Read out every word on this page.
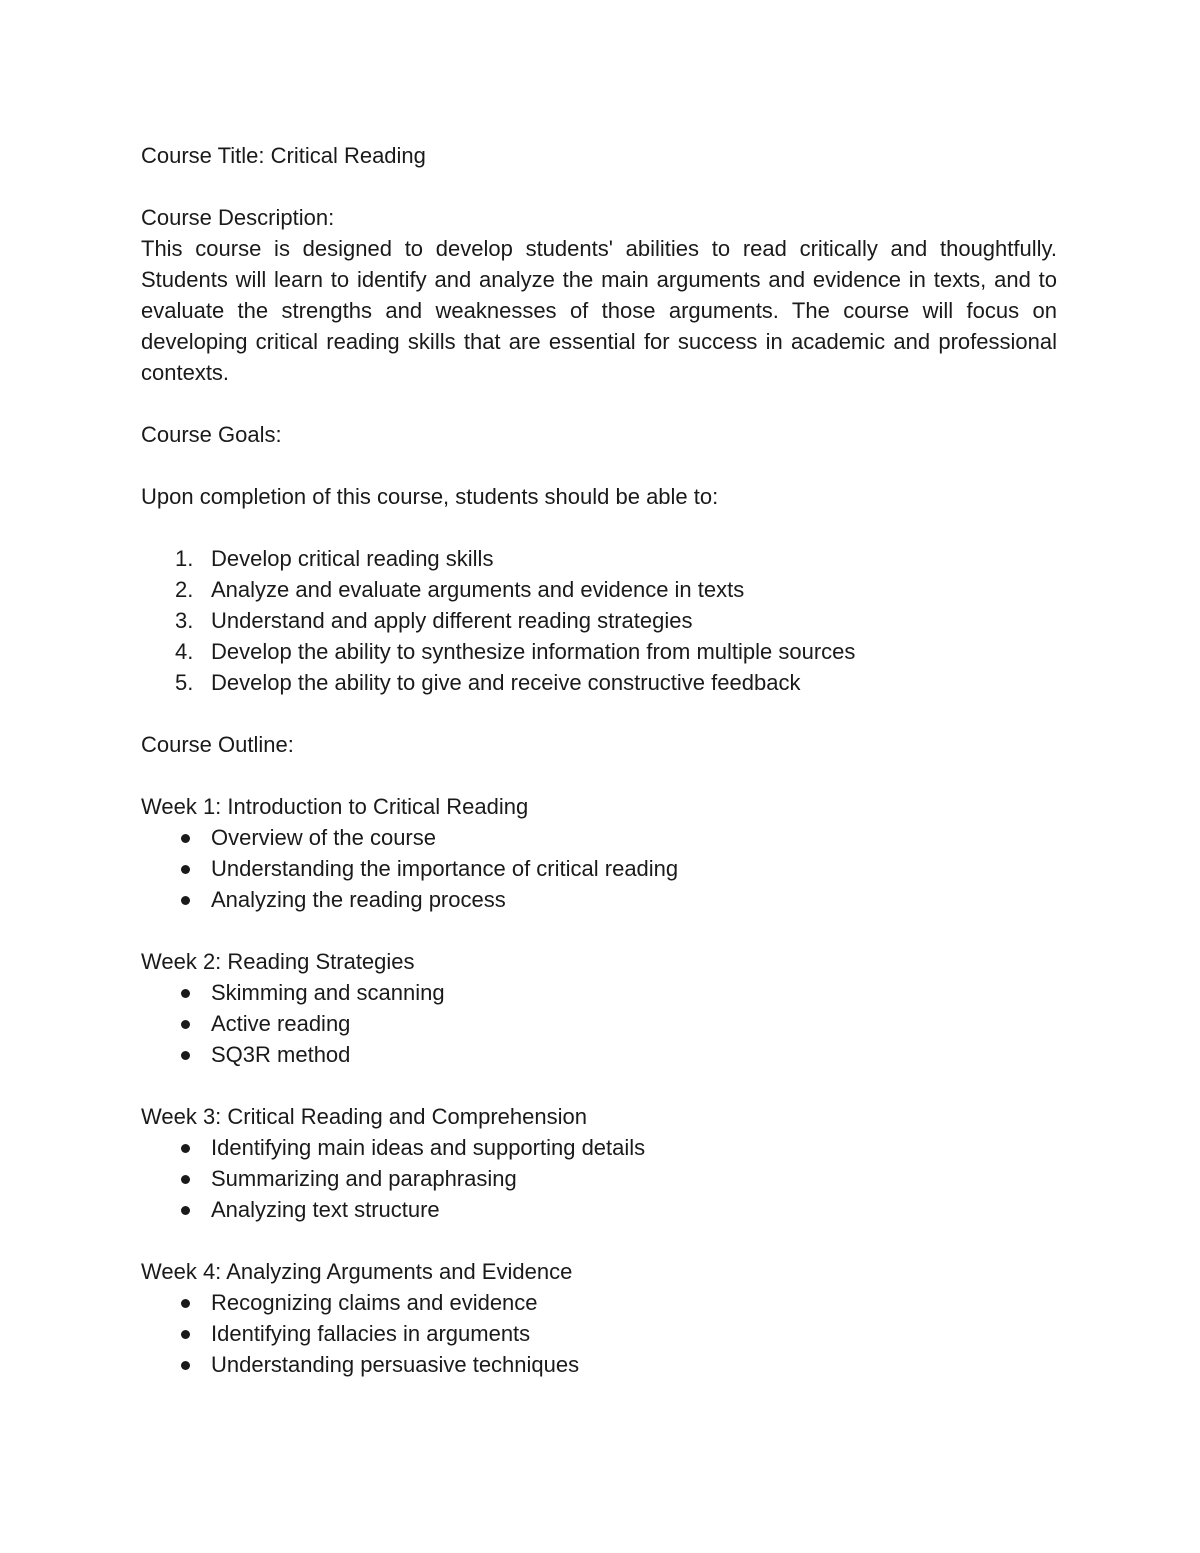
Course Title: Critical Reading

Course Description:

This course is designed to develop students' abilities to read critically and thoughtfully. Students will learn to identify and analyze the main arguments and evidence in texts, and to evaluate the strengths and weaknesses of those arguments. The course will focus on developing critical reading skills that are essential for success in academic and professional contexts.

Course Goals:

Upon completion of this course, students should be able to:

1. Develop critical reading skills
2. Analyze and evaluate arguments and evidence in texts
3. Understand and apply different reading strategies
4. Develop the ability to synthesize information from multiple sources
5. Develop the ability to give and receive constructive feedback

Course Outline:

Week 1: Introduction to Critical Reading

Overview of the course
Understanding the importance of critical reading
Analyzing the reading process

Week 2: Reading Strategies

Skimming and scanning
Active reading
SQ3R method

Week 3: Critical Reading and Comprehension

Identifying main ideas and supporting details
Summarizing and paraphrasing
Analyzing text structure

Week 4: Analyzing Arguments and Evidence

Recognizing claims and evidence
Identifying fallacies in arguments
Understanding persuasive techniques
